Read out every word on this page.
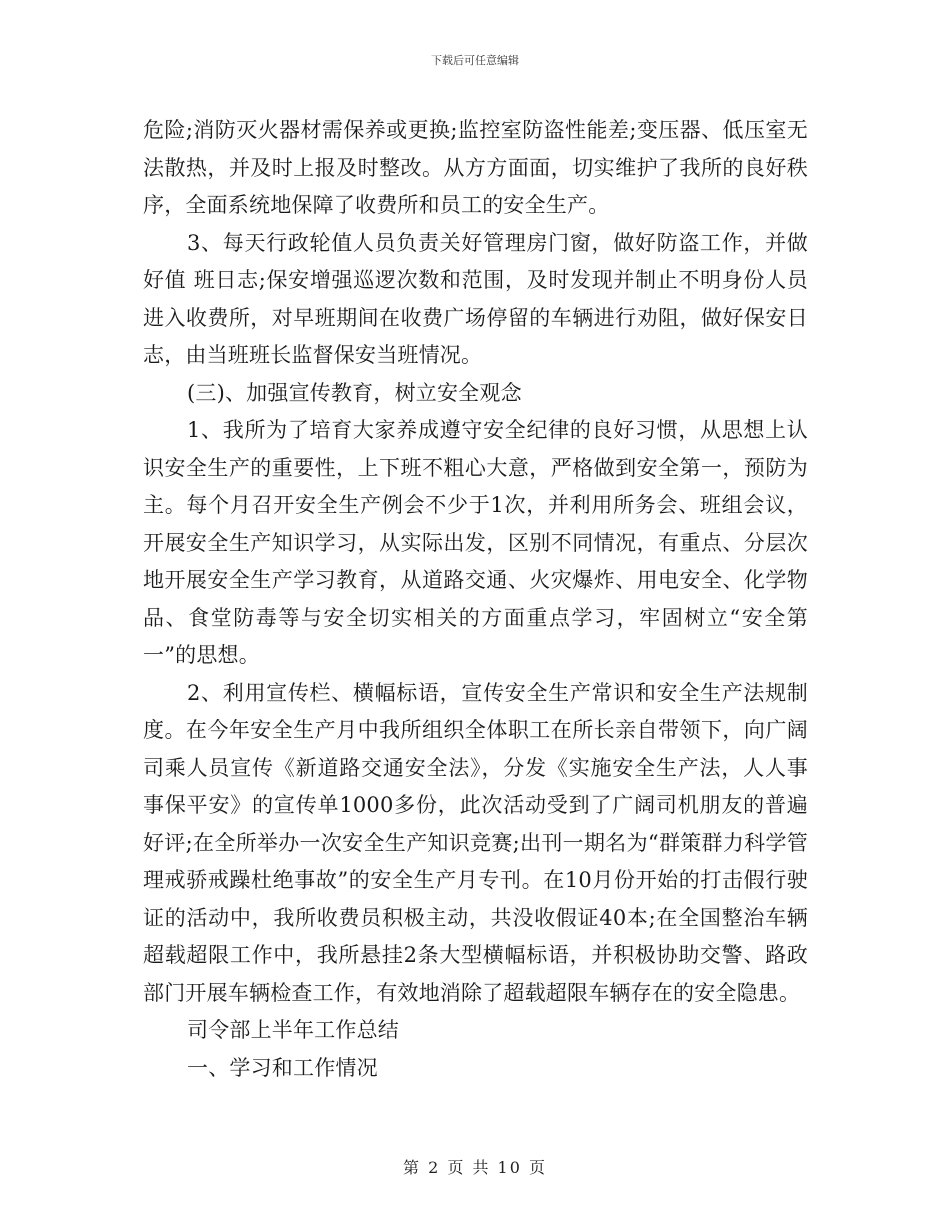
下载后可任意编辑

危险;消防灭火器材需保养或更换;监控室防盗性能差;变压器、低压室无法散热，并及时上报及时整改。从方方面面，切实维护了我所的良好秩序，全面系统地保障了收费所和员工的安全生产。

3、每天行政轮值人员负责关好管理房门窗，做好防盗工作，并做好值 班日志;保安增强巡逻次数和范围，及时发现并制止不明身份人员进入收费所，对早班期间在收费广场停留的车辆进行劝阻，做好保安日志，由当班班长监督保安当班情况。

(三)、加强宣传教育，树立安全观念

1、我所为了培育大家养成遵守安全纪律的良好习惯，从思想上认识安全生产的重要性，上下班不粗心大意，严格做到安全第一，预防为主。每个月召开安全生产例会不少于1次，并利用所务会、班组会议，开展安全生产知识学习，从实际出发，区别不同情况，有重点、分层次地开展安全生产学习教育，从道路交通、火灾爆炸、用电安全、化学物品、食堂防毒等与安全切实相关的方面重点学习，牢固树立“安全第一”的思想。

2、利用宣传栏、横幅标语，宣传安全生产常识和安全生产法规制度。在今年安全生产月中我所组织全体职工在所长亲自带领下，向广阔司乘人员宣传《新道路交通安全法》，分发《实施安全生产法，人人事事保平安》的宣传单1000多份，此次活动受到了广阔司机朋友的普遍好评;在全所举办一次安全生产知识竞赛;出刊一期名为“群策群力科学管理戒骄戒躁杜绝事故”的安全生产月专刊。在10月份开始的打击假行驶证的活动中，我所收费员积极主动，共没收假证40本;在全国整治车辆超载超限工作中，我所悬挂2条大型横幅标语，并积极协助交警、路政部门开展车辆检查工作，有效地消除了超载超限车辆存在的安全隐患。

司令部上半年工作总结

一、学习和工作情况

第 2 页 共 10 页
